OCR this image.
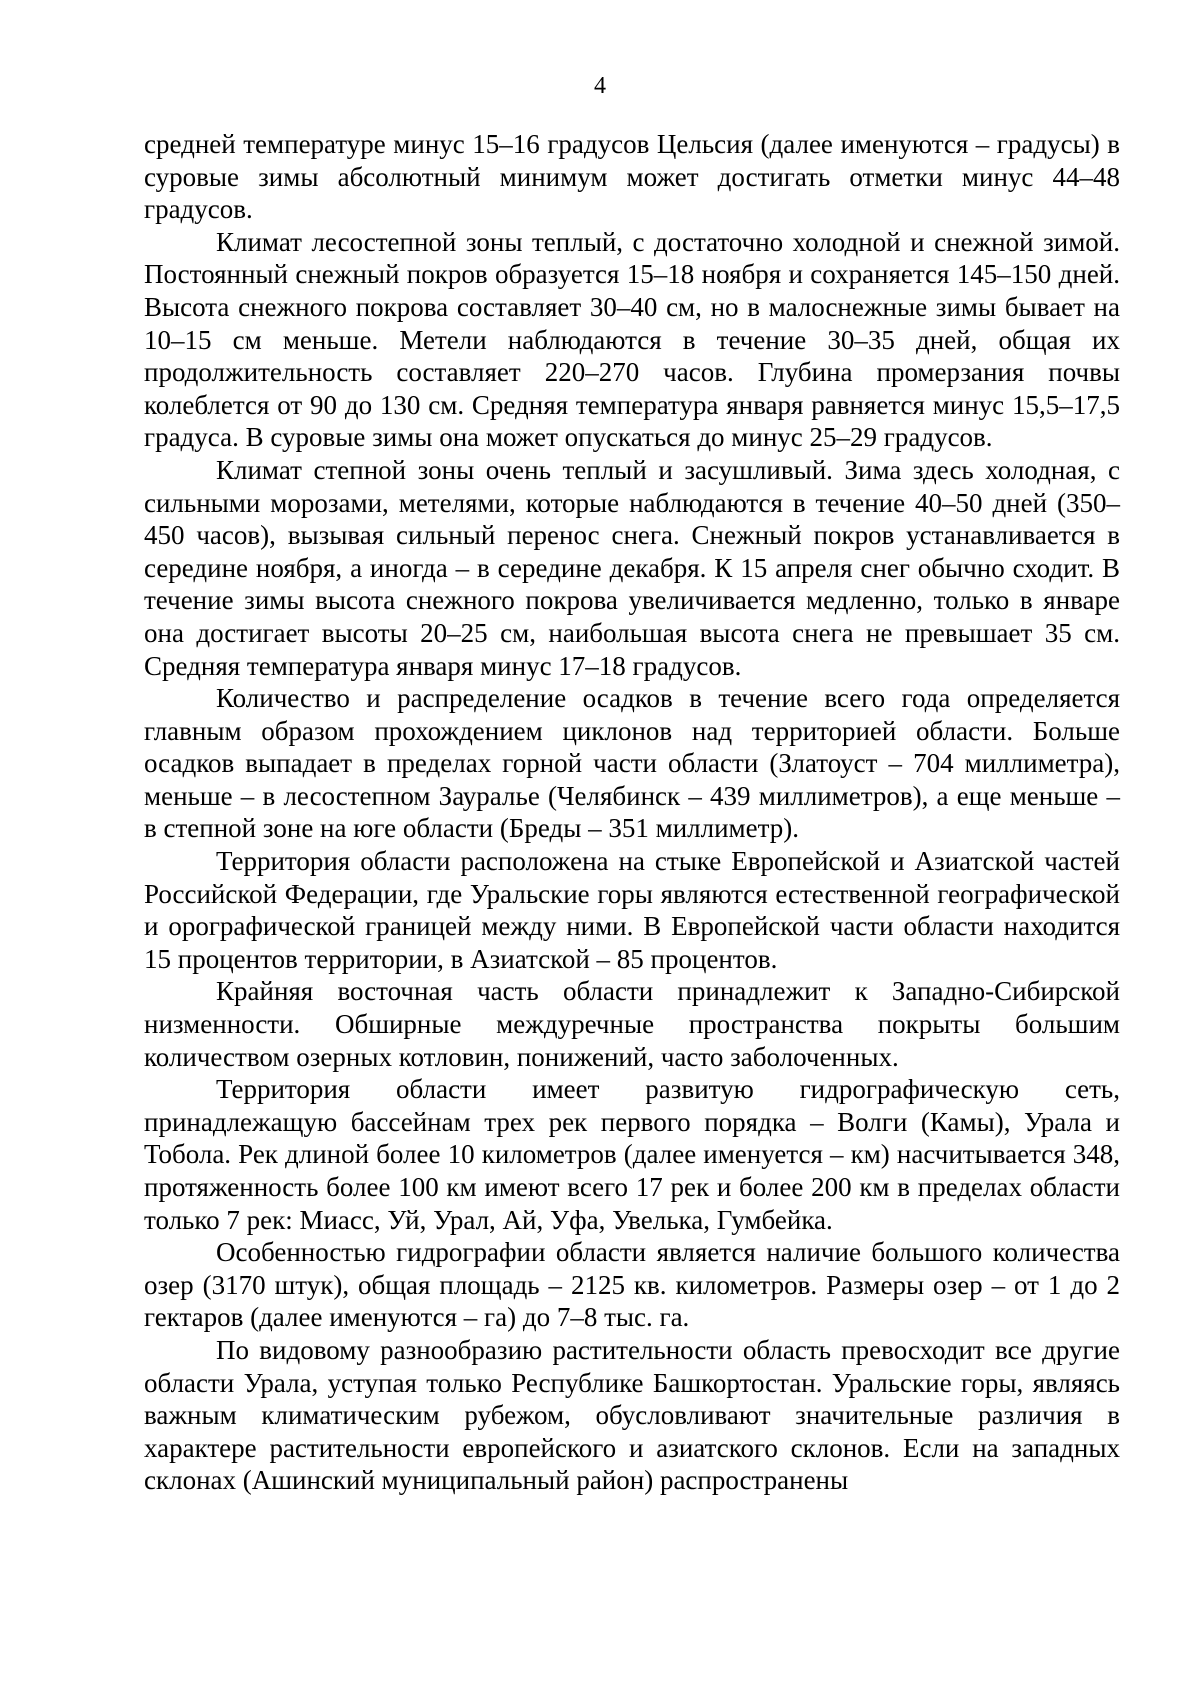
4

средней температуре минус 15–16 градусов Цельсия (далее именуются – градусы) в суровые зимы абсолютный минимум может достигать отметки минус 44–48 градусов.

Климат лесостепной зоны теплый, с достаточно холодной и снежной зимой. Постоянный снежный покров образуется 15–18 ноября и сохраняется 145–150 дней. Высота снежного покрова составляет 30–40 см, но в малоснежные зимы бывает на 10–15 см меньше. Метели наблюдаются в течение 30–35 дней, общая их продолжительность составляет 220–270 часов. Глубина промерзания почвы колеблется от 90 до 130 см. Средняя температура января равняется минус 15,5–17,5 градуса. В суровые зимы она может опускаться до минус 25–29 градусов.

Климат степной зоны очень теплый и засушливый. Зима здесь холодная, с сильными морозами, метелями, которые наблюдаются в течение 40–50 дней (350–450 часов), вызывая сильный перенос снега. Снежный покров устанавливается в середине ноября, а иногда – в середине декабря. К 15 апреля снег обычно сходит. В течение зимы высота снежного покрова увеличивается медленно, только в январе она достигает высоты 20–25 см, наибольшая высота снега не превышает 35 см. Средняя температура января минус 17–18 градусов.

Количество и распределение осадков в течение всего года определяется главным образом прохождением циклонов над территорией области. Больше осадков выпадает в пределах горной части области (Златоуст – 704 миллиметра), меньше – в лесостепном Зауралье (Челябинск – 439 миллиметров), а еще меньше – в степной зоне на юге области (Бреды – 351 миллиметр).

Территория области расположена на стыке Европейской и Азиатской частей Российской Федерации, где Уральские горы являются естественной географической и орографической границей между ними. В Европейской части области находится 15 процентов территории, в Азиатской – 85 процентов.

Крайняя восточная часть области принадлежит к Западно-Сибирской низменности. Обширные междуречные пространства покрыты большим количеством озерных котловин, понижений, часто заболоченных.

Территория области имеет развитую гидрографическую сеть, принадлежащую бассейнам трех рек первого порядка – Волги (Камы), Урала и Тобола. Рек длиной более 10 километров (далее именуется – км) насчитывается 348, протяженность более 100 км имеют всего 17 рек и более 200 км в пределах области только 7 рек: Миасс, Уй, Урал, Ай, Уфа, Увелька, Гумбейка.

Особенностью гидрографии области является наличие большого количества озер (3170 штук), общая площадь – 2125 кв. километров. Размеры озер – от 1 до 2 гектаров (далее именуются – га) до 7–8 тыс. га.

По видовому разнообразию растительности область превосходит все другие области Урала, уступая только Республике Башкортостан. Уральские горы, являясь важным климатическим рубежом, обусловливают значительные различия в характере растительности европейского и азиатского склонов. Если на западных склонах (Ашинский муниципальный район) распространены
